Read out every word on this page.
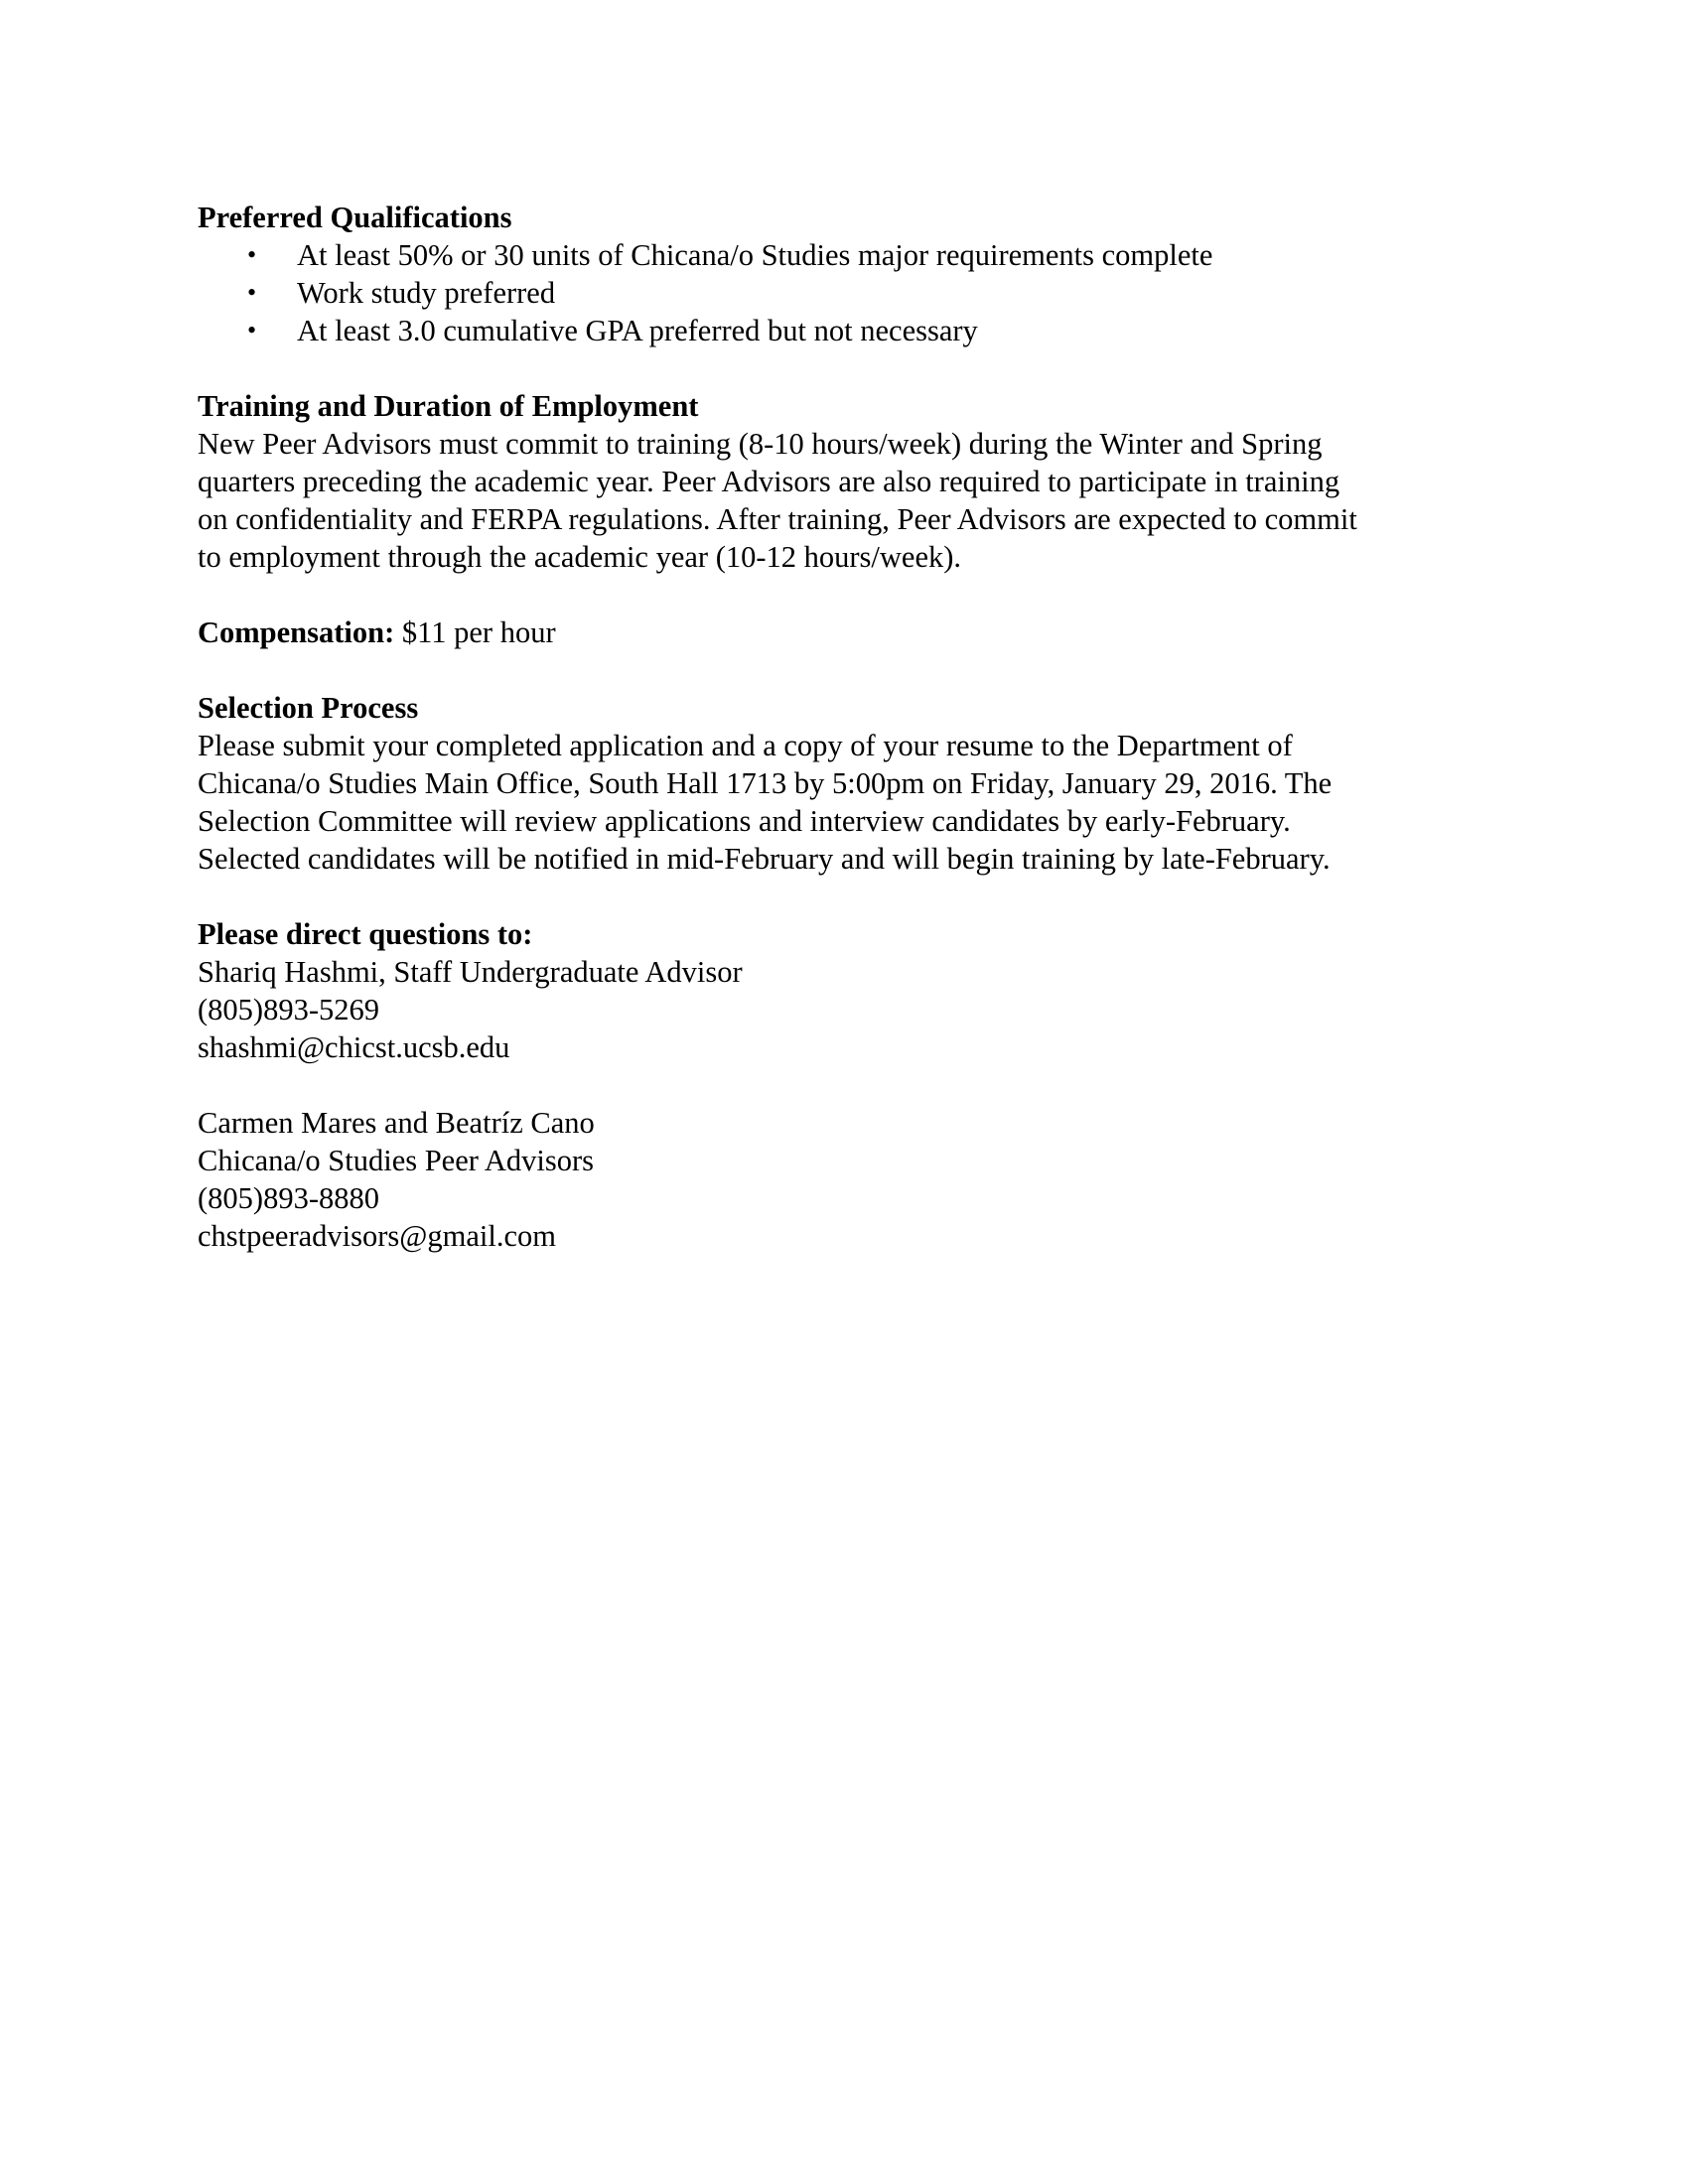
Preferred Qualifications

• At least 50% or 30 units of Chicana/o Studies major requirements complete
• Work study preferred
• At least 3.0 cumulative GPA preferred but not necessary

Training and Duration of Employment

New Peer Advisors must commit to training (8-10 hours/week) during the Winter and Spring
quarters preceding the academic year. Peer Advisors are also required to participate in training
on confidentiality and FERPA regulations. After training, Peer Advisors are expected to commit
to employment through the academic year (10-12 hours/week).

Compensation: $11 per hour

Selection Process

Please submit your completed application and a copy of your resume to the Department of
Chicana/o Studies Main Office, South Hall 1713 by 5:00pm on Friday, January 29, 2016. The
Selection Committee will review applications and interview candidates by early-February.
Selected candidates will be notified in mid-February and will begin training by late-February.

Please direct questions to:

Shariq Hashmi, Staff Undergraduate Advisor
(805)893-5269
shashmi@chicst.ucsb.edu
Carmen Mares and Beatríz Cano
Chicana/o Studies Peer Advisors
(805)893-8880
chstpeeradvisors@gmail.com
